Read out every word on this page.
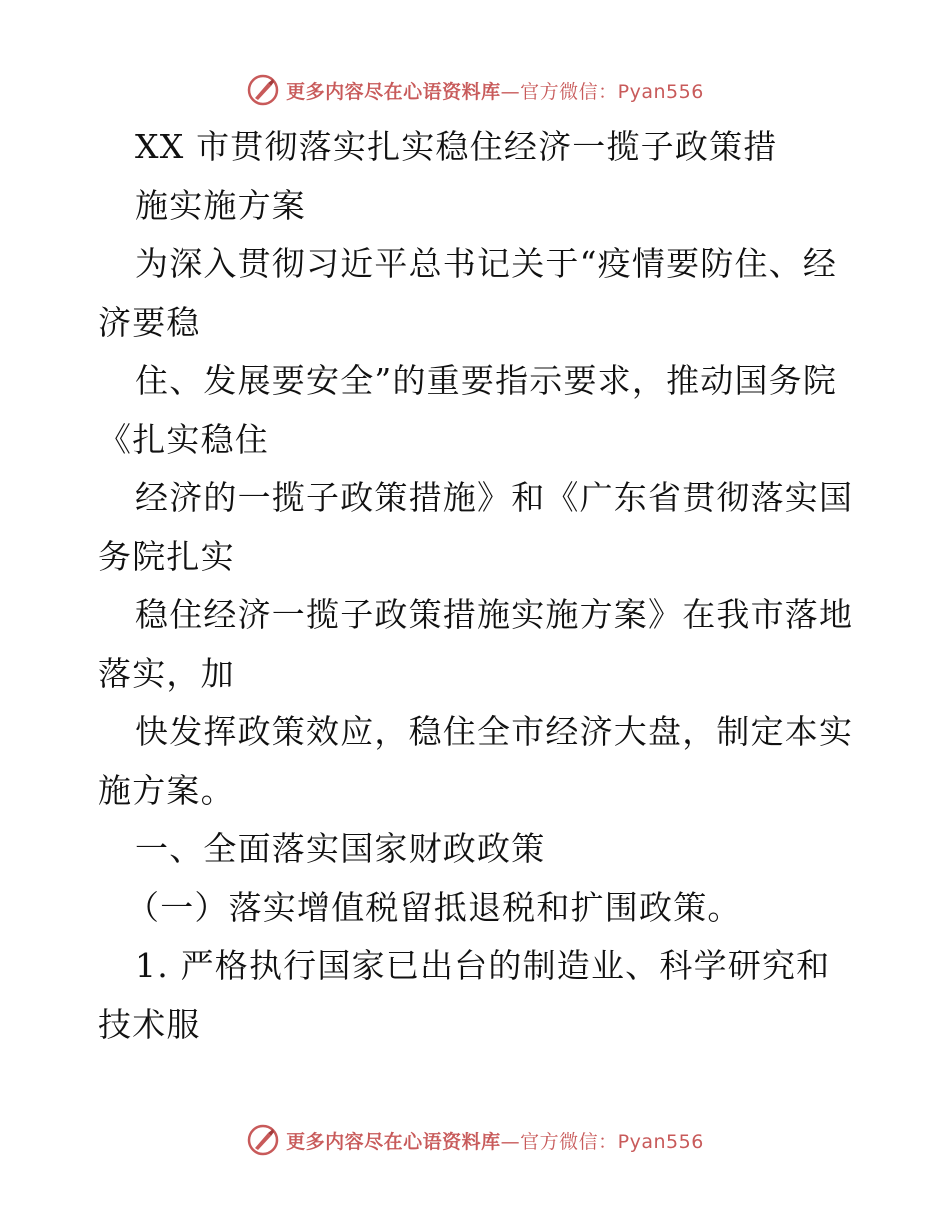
更多内容尽在心语资料库—官方微信：Pyan556
XX 市贯彻落实扎实稳住经济一揽子政策措
施实施方案
为深入贯彻习近平总书记关于“疫情要防住、经
济要稳
住、发展要安全”的重要指示要求，推动国务院
《扎实稳住
经济的一揽子政策措施》和《广东省贯彻落实国
务院扎实
稳住经济一揽子政策措施实施方案》在我市落地
落实，加
快发挥政策效应，稳住全市经济大盘，制定本实
施方案。
一、全面落实国家财政政策
（一）落实增值税留抵退税和扩围政策。
1. 严格执行国家已出台的制造业、科学研究和
技术服
更多内容尽在心语资料库—官方微信：Pyan556
